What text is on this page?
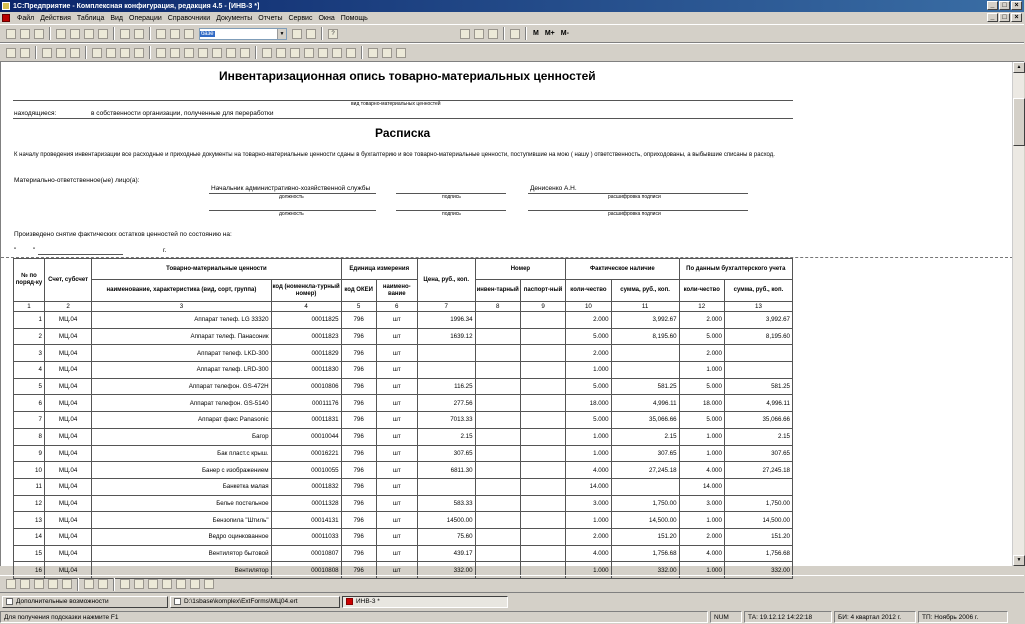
1С:Предприятие - Комплексная конфигурация, редакция 4.5 - [ИНВ-3 *]	_	□	×
Файл Действия Таблица Вид Операции Справочники Документы Отчеты Сервис Окна Помощь	_	□	×
базе	▼	?	M M+ M-
Инвентаризационная опись товарно-материальных ценностей
вид товарно-материальных ценностей
находящиеся:	в собственности организации, полученные для переработки
Расписка
К началу проведения инвентаризации все расходные и приходные документы на товарно-материальные ценности сданы в бухгалтерию и все товарно-материальные ценности, поступившие на мою ( нашу ) ответственность, оприходованы, а выбывшие списаны в расход.
Материально-ответственное(ые) лицо(а):
Начальник административно-хозяйственной службы	Денисенко А.Н.
должность	подпись	расшифровка подписи
должность	подпись	расшифровка подписи
Произведено снятие фактических остатков ценностей по состоянию на:
"	"	г.
№ по поряд-ку	Счет, субсчет	Товарно-материальные ценности		Единица измерения		Цена, руб., коп.	Номер		Фактическое наличие		По данным бухгалтерского учета	
		наименование, характеристика (вид, сорт, группа)	код (номенкла-турный номер)	код ОКЕИ	наимено-вание		инвен-тарный	паспорт-ный	коли-чество	сумма, руб., коп.	коли-чество	сумма, руб., коп.
1	2	3	4	5	6	7	8	9	10	11	12	13
1	МЦ.04	Аппарат телеф. LG 33320	00011825	796	шт	1996.34			2.000	3,992.67	2.000	3,992.67
2	МЦ.04	Аппарат телеф. Панасоник	00011823	796	шт	1639.12			5.000	8,195.60	5.000	8,195.60
3	МЦ.04	Аппарат телеф. LKD-300	00011829	796	шт				2.000		2.000	
4	МЦ.04	Аппарат телеф. LRD-300	00011830	796	шт				1.000		1.000	
5	МЦ.04	Аппарат телефон. GS-472H	00010806	796	шт	116.25			5.000	581.25	5.000	581.25
6	МЦ.04	Аппарат телефон. GS-5140	00011176	796	шт	277.56			18.000	4,996.11	18.000	4,996.11
7	МЦ.04	Аппарат факс Panasonic	00011831	796	шт	7013.33			5.000	35,066.66	5.000	35,066.66
8	МЦ.04	Багор	00010044	796	шт	2.15			1.000	2.15	1.000	2.15
9	МЦ.04	Бак пласт.с крыш.	00016221	796	шт	307.65			1.000	307.65	1.000	307.65
10	МЦ.04	Банер с изображением	00010055	796	шт	6811.30			4.000	27,245.18	4.000	27,245.18
11	МЦ.04	Банкетка малая	00011832	796	шт				14.000		14.000	
12	МЦ.04	Белье постельное	00011328	796	шт	583.33			3.000	1,750.00	3.000	1,750.00
13	МЦ.04	Бензопила "Штиль"	00014131	796	шт	14500.00			1.000	14,500.00	1.000	14,500.00
14	МЦ.04	Ведро оцинкованное	00011033	796	шт	75.60			2.000	151.20	2.000	151.20
15	МЦ.04	Вентилятор бытовой	00010807	796	шт	439.17			4.000	1,756.68	4.000	1,756.68
16	МЦ.04	Вентилятор	00010808	796	шт	332.00			1.000	332.00	1.000	332.00
▲
▼
Дополнительные возможности	D:\1sbase\komplex\ExtForms\МЦ04.ert	ИНВ-3 *
Для получения подсказки нажмите F1	NUM	ТА: 19.12.12 14:22:18	БИ: 4 квартал 2012 г.	ТП: Ноябрь 2006 г.
